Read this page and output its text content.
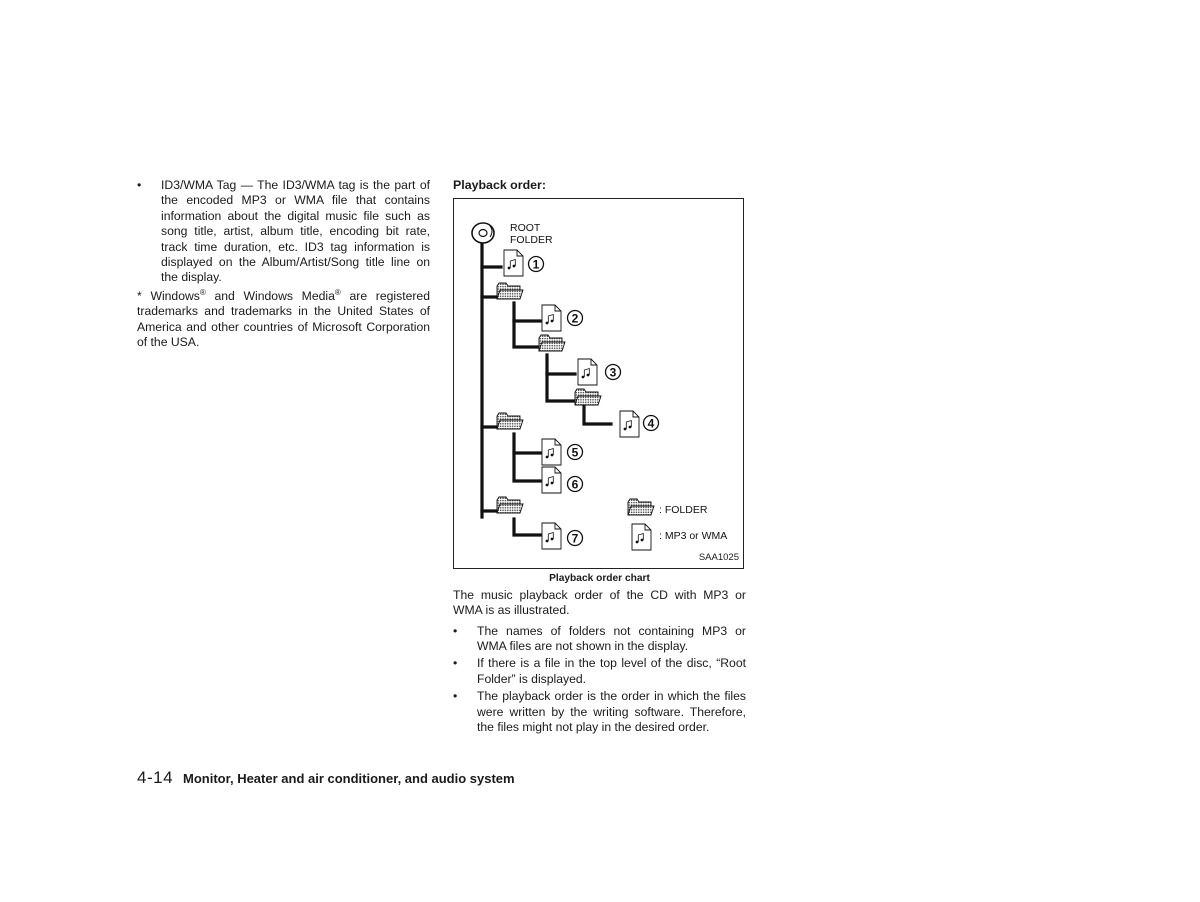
• ID3/WMA Tag — The ID3/WMA tag is the part of the encoded MP3 or WMA file that contains information about the digital music file such as song title, artist, album title, encoding bit rate, track time duration, etc. ID3 tag information is displayed on the Album/Artist/Song title line on the display.

* Windows® and Windows Media® are registered trademarks and trademarks in the United States of America and other countries of Microsoft Corporation of the USA.

Playback order:

ROOT
FOLDER
1
2
3
4
5
6
7
: FOLDER
: MP3 or WMA
SAA1025

Playback order chart

The music playback order of the CD with MP3 or WMA is as illustrated.

• The names of folders not containing MP3 or WMA files are not shown in the display.

• If there is a file in the top level of the disc, “Root Folder” is displayed.

• The playback order is the order in which the files were written by the writing software. Therefore, the files might not play in the desired order.

4-14 Monitor, Heater and air conditioner, and audio system
